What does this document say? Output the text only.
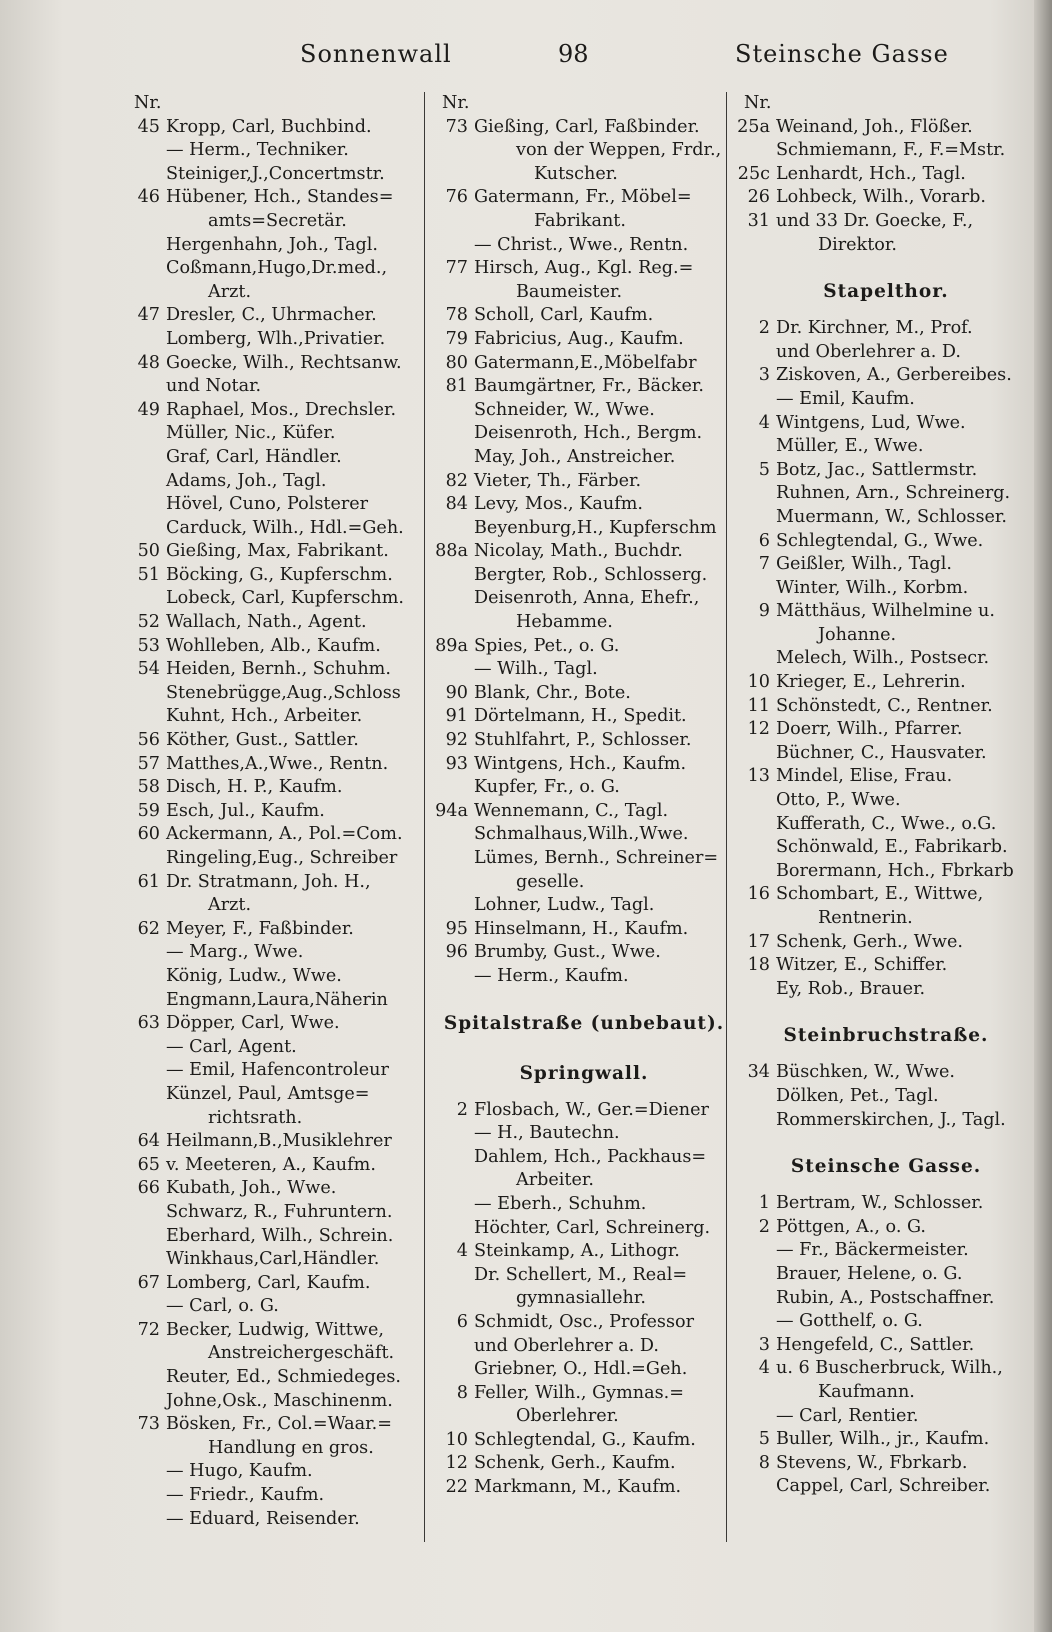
Sonnenwall	98	Steinsche Gasse
Nr.
45 Kropp, Carl, Buchbind.
— Herm., Techniker.
Steiniger,J.,Concertmstr.
46 Hübener, Hch., Standes=
amts=Secretär.
Hergenhahn, Joh., Tagl.
Coßmann,Hugo,Dr.med.,
Arzt.
47 Dresler, C., Uhrmacher.
Lomberg, Wlh.,Privatier.
48 Goecke, Wilh., Rechtsanw.
und Notar.
49 Raphael, Mos., Drechsler.
Müller, Nic., Küfer.
Graf, Carl, Händler.
Adams, Joh., Tagl.
Hövel, Cuno, Polsterer
Carduck, Wilh., Hdl.=Geh.
50 Gießing, Max, Fabrikant.
51 Böcking, G., Kupferschm.
Lobeck, Carl, Kupferschm.
52 Wallach, Nath., Agent.
53 Wohlleben, Alb., Kaufm.
54 Heiden, Bernh., Schuhm.
Stenebrügge,Aug.,Schloss
Kuhnt, Hch., Arbeiter.
56 Köther, Gust., Sattler.
57 Matthes,A.,Wwe., Rentn.
58 Disch, H. P., Kaufm.
59 Esch, Jul., Kaufm.
60 Ackermann, A., Pol.=Com.
Ringeling,Eug., Schreiber
61 Dr. Stratmann, Joh. H.,
Arzt.
62 Meyer, F., Faßbinder.
— Marg., Wwe.
König, Ludw., Wwe.
Engmann,Laura,Näherin
63 Döpper, Carl, Wwe.
— Carl, Agent.
— Emil, Hafencontroleur
Künzel, Paul, Amtsge=
richtsrath.
64 Heilmann,B.,Musiklehrer
65 v. Meeteren, A., Kaufm.
66 Kubath, Joh., Wwe.
Schwarz, R., Fuhruntern.
Eberhard, Wilh., Schrein.
Winkhaus,Carl,Händler.
67 Lomberg, Carl, Kaufm.
— Carl, o. G.
72 Becker, Ludwig, Wittwe,
Anstreichergeschäft.
Reuter, Ed., Schmiedeges.
Johne,Osk., Maschinenm.
73 Bösken, Fr., Col.=Waar.=
Handlung en gros.
— Hugo, Kaufm.
— Friedr., Kaufm.
— Eduard, Reisender.
Nr.
73 Gießing, Carl, Faßbinder.
von der Weppen, Frdr.,
Kutscher.
76 Gatermann, Fr., Möbel=
Fabrikant.
— Christ., Wwe., Rentn.
77 Hirsch, Aug., Kgl. Reg.=
Baumeister.
78 Scholl, Carl, Kaufm.
79 Fabricius, Aug., Kaufm.
80 Gatermann,E.,Möbelfabr
81 Baumgärtner, Fr., Bäcker.
Schneider, W., Wwe.
Deisenroth, Hch., Bergm.
May, Joh., Anstreicher.
82 Vieter, Th., Färber.
84 Levy, Mos., Kaufm.
Beyenburg,H., Kupferschm
88a Nicolay, Math., Buchdr.
Bergter, Rob., Schlosserg.
Deisenroth, Anna, Ehefr.,
Hebamme.
89a Spies, Pet., o. G.
— Wilh., Tagl.
90 Blank, Chr., Bote.
91 Dörtelmann, H., Spedit.
92 Stuhlfahrt, P., Schlosser.
93 Wintgens, Hch., Kaufm.
Kupfer, Fr., o. G.
94a Wennemann, C., Tagl.
Schmalhaus,Wilh.,Wwe.
Lümes, Bernh., Schreiner=
geselle.
Lohner, Ludw., Tagl.
95 Hinselmann, H., Kaufm.
96 Brumby, Gust., Wwe.
— Herm., Kaufm.
Spitalstraße (unbebaut).
Springwall.
2 Flosbach, W., Ger.=Diener
— H., Bautechn.
Dahlem, Hch., Packhaus=
Arbeiter.
— Eberh., Schuhm.
Höchter, Carl, Schreinerg.
4 Steinkamp, A., Lithogr.
Dr. Schellert, M., Real=
gymnasiallehr.
6 Schmidt, Osc., Professor
und Oberlehrer a. D.
Griebner, O., Hdl.=Geh.
8 Feller, Wilh., Gymnas.=
Oberlehrer.
10 Schlegtendal, G., Kaufm.
12 Schenk, Gerh., Kaufm.
22 Markmann, M., Kaufm.
Nr.
25a Weinand, Joh., Flößer.
Schmiemann, F., F.=Mstr.
25c Lenhardt, Hch., Tagl.
26 Lohbeck, Wilh., Vorarb.
31 und 33 Dr. Goecke, F.,
Direktor.
Stapelthor.
2 Dr. Kirchner, M., Prof.
und Oberlehrer a. D.
3 Ziskoven, A., Gerbereibes.
— Emil, Kaufm.
4 Wintgens, Lud, Wwe.
Müller, E., Wwe.
5 Botz, Jac., Sattlermstr.
Ruhnen, Arn., Schreinerg.
Muermann, W., Schlosser.
6 Schlegtendal, G., Wwe.
7 Geißler, Wilh., Tagl.
Winter, Wilh., Korbm.
9 Mätthäus, Wilhelmine u.
Johanne.
Melech, Wilh., Postsecr.
10 Krieger, E., Lehrerin.
11 Schönstedt, C., Rentner.
12 Doerr, Wilh., Pfarrer.
Büchner, C., Hausvater.
13 Mindel, Elise, Frau.
Otto, P., Wwe.
Kufferath, C., Wwe., o.G.
Schönwald, E., Fabrikarb.
Borermann, Hch., Fbrkarb
16 Schombart, E., Wittwe,
Rentnerin.
17 Schenk, Gerh., Wwe.
18 Witzer, E., Schiffer.
Ey, Rob., Brauer.
Steinbruchstraße.
34 Büschken, W., Wwe.
Dölken, Pet., Tagl.
Rommerskirchen, J., Tagl.
Steinsche Gasse.
1 Bertram, W., Schlosser.
2 Pöttgen, A., o. G.
— Fr., Bäckermeister.
Brauer, Helene, o. G.
Rubin, A., Postschaffner.
— Gotthelf, o. G.
3 Hengefeld, C., Sattler.
4 u. 6 Buscherbruck, Wilh.,
Kaufmann.
— Carl, Rentier.
5 Buller, Wilh., jr., Kaufm.
8 Stevens, W., Fbrkarb.
Cappel, Carl, Schreiber.
